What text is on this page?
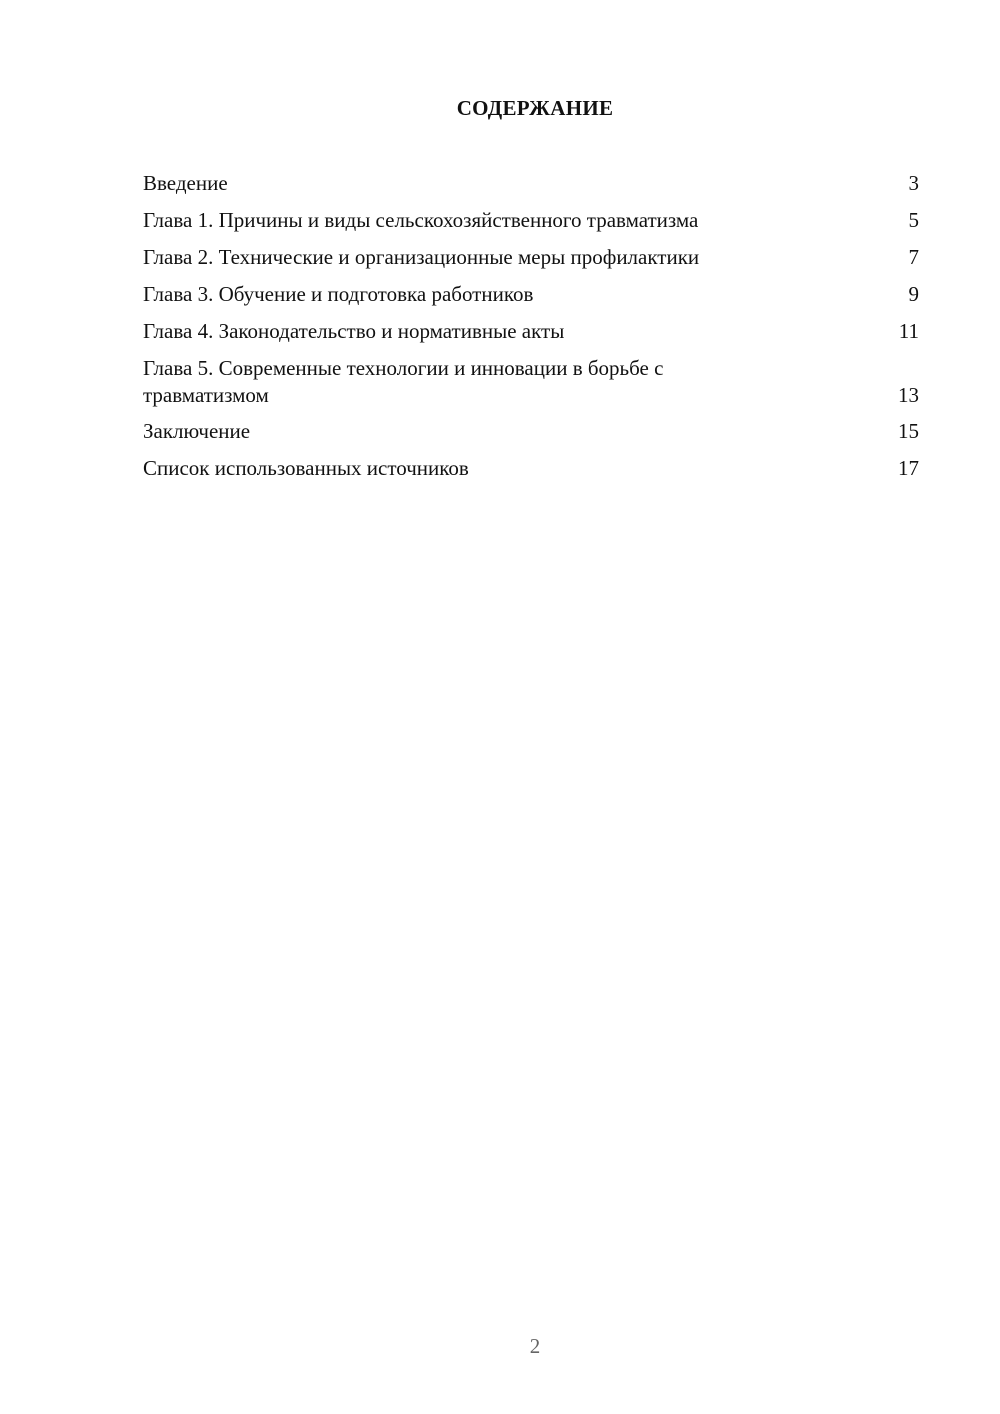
СОДЕРЖАНИЕ
Введение	3
Глава 1. Причины и виды сельскохозяйственного травматизма	5
Глава 2. Технические и организационные меры профилактики	7
Глава 3. Обучение и подготовка работников	9
Глава 4. Законодательство и нормативные акты	11
Глава 5. Современные технологии и инновации в борьбе с травматизмом	13
Заключение	15
Список использованных источников	17
2
